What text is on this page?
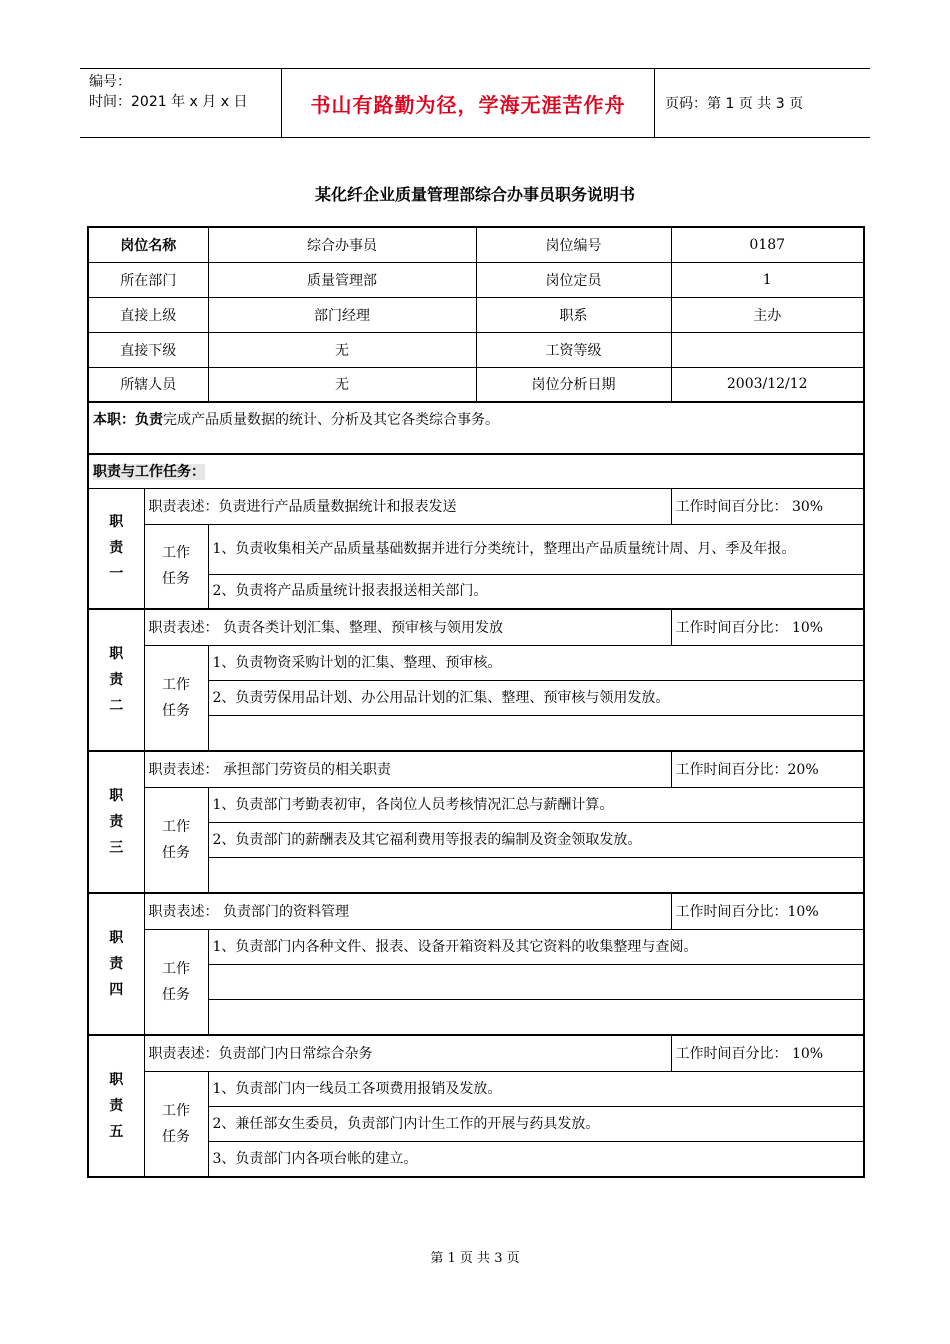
编号：
时间：2021 年 x 月 x 日	书山有路勤为径，学海无涯苦作舟	页码：第 1 页 共 3 页
某化纤企业质量管理部综合办事员职务说明书
岗位名称		综合办事员	岗位编号	0187
所在部门		质量管理部	岗位定员	1
直接上级		部门经理	职系	主办
直接下级		无	工资等级	
所辖人员		无	岗位分析日期	2003/12/12
本职：负责完成产品质量数据的统计、分析及其它各类综合事务。				
职责与工作任务：				

职
责
一	职责表述：负责进行产品质量数据统计和报表发送			工作时间百分比： 30%

	工作任务	1、负责收集相关产品质量基础数据并进行分类统计，整理出产品质量统计周、月、季及年报。		
		2、负责将产品质量统计报表报送相关部门。		

职
责
二	职责表述： 负责各类计划汇集、整理、预审核与领用发放			工作时间百分比： 10%

	工作任务	1、负责物资采购计划的汇集、整理、预审核。		
		2、负责劳保用品计划、办公用品计划的汇集、整理、预审核与领用发放。		

职
责
三	职责表述： 承担部门劳资员的相关职责			工作时间百分比：20%

	工作任务	1、负责部门考勤表初审，各岗位人员考核情况汇总与薪酬计算。		
		2、负责部门的薪酬表及其它福利费用等报表的编制及资金领取发放。		

职
责
四	职责表述： 负责部门的资料管理			工作时间百分比：10%

	工作任务	1、负责部门内各种文件、报表、设备开箱资料及其它资料的收集整理与查阅。		

职
责
五	职责表述：负责部门内日常综合杂务			工作时间百分比： 10%

	工作任务	1、负责部门内一线员工各项费用报销及发放。		
		2、兼任部女生委员，负责部门内计生工作的开展与药具发放。		
		3、负责部门内各项台帐的建立。		
第 1 页 共 3 页
